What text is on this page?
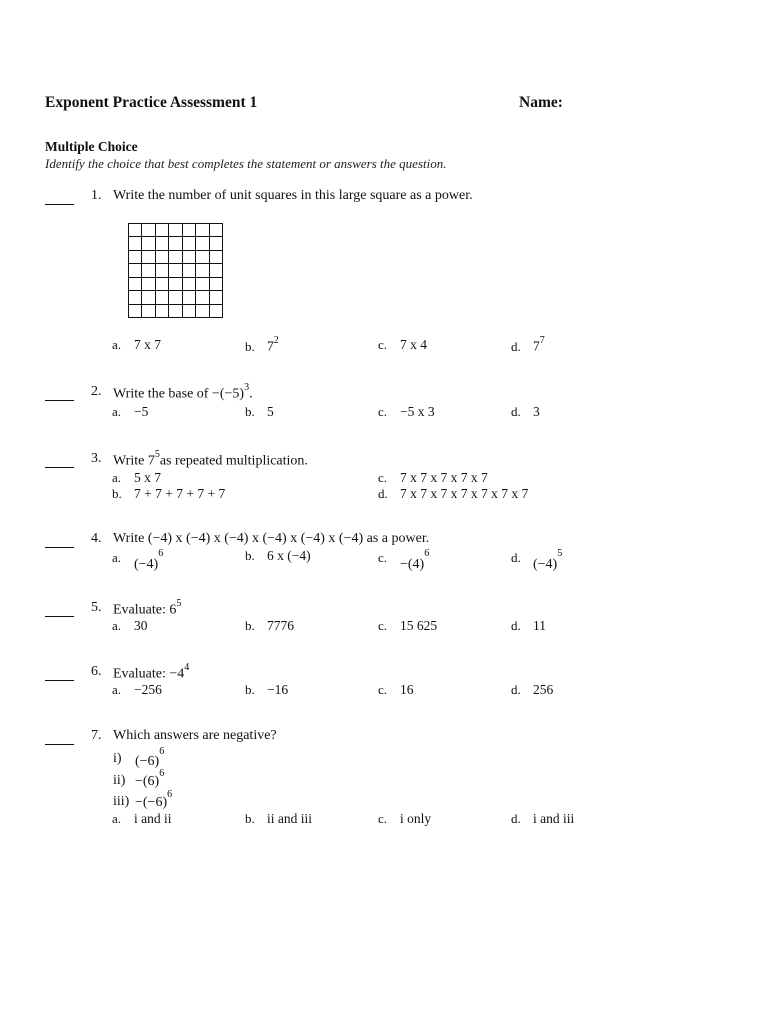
Exponent Practice Assessment 1	Name:
Multiple Choice
Identify the choice that best completes the statement or answers the question.
1. Write the number of unit squares in this large square as a power.
a. 7 x 7	b. $7^2$	c. 7 x 4	d. $7^7$
2. Write the base of $-(-5)^3$.
a. −5	b. 5	c. −5 x 3	d. 3
3. Write $7^5as$ repeated multiplication.
a. 5 x 7
b. 7 + 7 + 7 + 7 + 7
c. 7 x 7 x 7 x 7 x 7
d. 7 x 7 x 7 x 7 x 7 x 7 x 7
4. Write (−4) x (−4) x (−4) x (−4) x (−4) x (−4) as a power.
a. $(-4)^6$	b. 6 x (−4)	c. $-(4)^6$	d. $(-4)^5$
5. Evaluate: $6^5$
a. 30	b. 7776	c. 15 625	d. 11
6. Evaluate: $-4^4$
a. −256	b. −16	c. 16	d. 256
7. Which answers are negative?
i) $(-6)^6$
$ii) -(6)^6$
$iii) -(-6)^6$
a. i and ii	b. ii and iii	c. i only	d. i and iii
